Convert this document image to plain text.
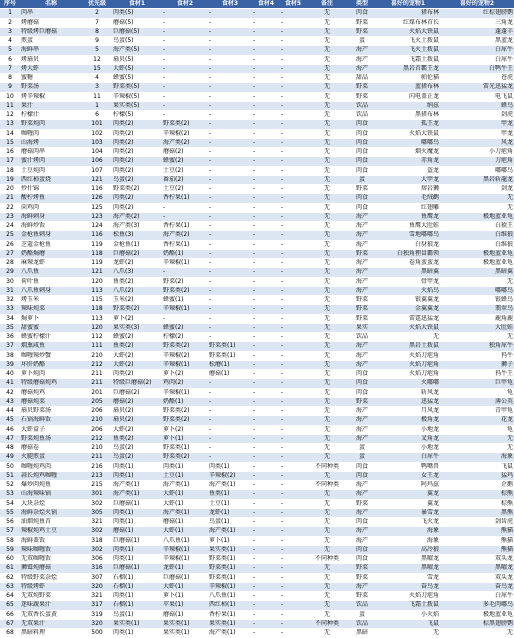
序号	名称	优先级	食材1	食材2	食材3	食材4	食材5	备注	类型	喜好的宠物1	喜好的宠物2
1	肉串	2	肉类(5)	-	-	-	-	无	肉食	猪布林	红棕翅膀鹦
2	烤蘑菇	7	蘑菇(5)	-	-	-	-	无	野菜	红煤布林首长	三角龙
3	特级烤巨蘑菇	8	巨蘑菇(5)	-	-	-	-	无	野菜	火焰大铁鼠	蓬蓬羊
4	煎蛋	9	鸟蛋(5)	-	-	-	-	无	蛋	飞火土拨鼠	黑蓝龙
5	海鲜串	5	海产类(5)	-	-	-	-	无	海产	飞火土拨鼠	白犀牛
6	烤扇贝	12	扇贝(5)	-	-	-	-	无	海产	飞霜土拨鼠	白犀牛
7	烤大虾	15	大虾(5)	-	-	-	-	无	海产	黑岩首霸王龙	白鸭牛王
8	蜜糖	4	蜂蜜(5)	-	-	-	-	无	甜品	帕伦猫	苍虎
9	野菜汤	3	野菜类(5)	-	-	-	-	无	野菜	蓝猪布林	雷光迅猛龙
10	烤辛辣椒	11	辛辣椒(5)	-	-	-	-	无	野菜	闪电盖正龙	电飞鼠
11	果汁	1	果实类(5)	-	-	-	-	无	饮品	纳兹	蜂鸟
12	柠檬汁	6	柠檬(5)	-	-	-	-	无	饮品	黑猪布林	剑虎
13	野菜炖肉	101	肉类(2)	野菜类(2)	-	-	-	无	肉食	孤王龙	甲龙
14	咖喱肉	102	肉类(2)	辛辣椒(2)	-	-	-	无	肉食	火焰大铁鼠	甲龙
15	山海烤	103	肉类(2)	海产类(2)	-	-	-	无	肉食	嘟嘟鸟	风龙
16	蘑菇肉串	104	肉类(2)	蘑菇(2)	-	-	-	无	肉食	烟火魔龙	小刀疤角
17	蜜汁烤肉	106	肉类(2)	蜂蜜(2)	-	-	-	无	肉食	赤角龙	刀疤角
18	土豆炖肉	107	肉类(2)	土豆(2)	-	-	-	无	肉食	盗龙	嘟嘟鸟
19	西红柿蛋烧	121	鸟蛋(2)	番茄(2)	-	-	-	无	蛋	大甲龙	黑岩斩龍龙
20	炒什锦	116	野菜类(2)	土豆(2)	-	-	-	无	野菜	熔岩狮	剑龙
21	酸柠烤鱼	126	肉类(2)	香柠果(1)	-	-	-	无	肉食	毛绒鹳	无
22	茴鸡肉	125	肉类(2)	-	-	-	-	无	肉食	红翅雕	无
23	海鲜刺身	123	海产类(2)	-	-	-	-	无	海产	鱼鹰龙	极地蓝亚龟
24	海鲜炒饭	124	海产类(3)	香柠果(1)	-	-	-	无	海产	鱼鹰大肚蛙	白猿王
25	金枪鱼刺身	116	松鱼(3)	海产类(2)	-	-	-	无	海产	雪地嘟嘟鸟	白维狼
26	芝蔻金枪鱼	119	金枪鱼(1)	香柠果(1)	-	-	-	无	海产	白豺狼龙	白维狼
27	奶酪焗蘑	118	巨蘑菇(2)	奶酪(1)	-	-	-	无	野菜	白独角狸冒霸领	极地蓝亚龟
28	麻辣龙虾	119	龙虾(2)	辛辣椒(1)	-	-	-	无	海产	卷角蛮蛮龙	极地蓝亚龟
29	八爪鱼	121	八爪(3)	-	-	-	-	无	海产	黑暗翼	黑暗翼
30	荷叶鱼	120	鱼类(2)	野菜(2)	-	-	-	无	海产	骨甲龙	无
31	八爪鱼刺身	113	八爪(2)	野菜类(2)	-	-	-	无	海产	火焰鸟	嘟嘟鸟
32	烤玉米	115	玉米(2)	蜂蜜(1)	-	-	-	无	野菜	银翼翼龙	银蜂鸟
33	辣味炖菜	118	野菜类(2)	辛辣椒(1)	-	-	-	无	野菜	金翼翼龙	翡翠鸟
34	焗萝卜	113	萝卜(2)	-	-	-	-	无	野菜	雷霆迅猛龙	鹿角鹿
35	甜蜜蜜	120	果实类(3)	蜂蜜(2)	-	-	-	无	果实	火焰大铁鼠	大肚蛙
36	蜂蜜柠檬汁	112	蜂蜜(2)	柠檬(2)	-	-	-	无	饮品	无	无
37	烟熏咸鱼	111	鱼类(2)	野菜类(2)	野菜类(1)	-	-	无	海产	黑岩土拨鼠	独角犀牛
38	咖喱辣炒蟹	210	大虾(2)	辛辣椒(2)	野菜类(1)	-	-	无	海产	火焰刀疤角	犸牛
39	坏肝奶酪	212	大虾(2)	辛辣椒(1)	松蘑(1)	-	-	无	海产	火焰刀疤角	狮子
40	萝卜炖肉	211	肉类(2)	萝卜(2)	蘑菇(1)	-	-	无	肉食	火焰刀疤角	犸牛王
41	特级蘑菇炖鸡	211	特级巨蘑菇(2)	鸡肉(2)	-	-	-	无	肉食	火嘟嘟	巨甲龟
42	蘑菇炖鸡	201	巨蘑菇(2)	辛辣椒(1)	-	-	-	无	肉食	斩风龙	龟
43	蘑菇炖菜	205	蘑菇(2)	奶酪(1)	-	-	-	无	野菜	迅猛龙	薄公英
44	扇贝野菜汤	206	扇贝(2)	野菜类(2)	-	-	-	无	海产	月风龙	青甲龟
45	石锅海鲜饭	210	扇贝(2)	野菜类(2)	-	-	-	无	海产	极角龙	花龙
46	大虾盒子	206	大虾(2)	萝卜(2)	-	-	-	无	海产	小地龙	龟
47	野菜炖鱼汤	212	鱼类(2)	萝卜(1)	-	-	-	无	海产	叉角龙	无
48	蘑菇卷	210	鸟蛋(2)	野菜类(1)	-	-	-	无	蛋	小地龙	无
49	火腿煎蛋	211	鸟蛋(2)	野菜类(2)	-	-	-	无	蛋	白犀牛	海象
50	咖喱炖鸡肉	216	肉类(1)	肉类(1)	肉类(1)	-	-	不同种类	肉食	鸭嘴兽	飞鼠
51	蒜长炖鸡咖喱	213	肉类(1)	土豆(1)	辛辣椒(2)	-	-	无	肉食	女王龙	猛玛
52	爆炒肉炖鱼	215	海产类(1)	海产类(1)	海产类(1)	-	-	不同种类	海产	阿玛兹	企鹅
53	山海辣味锅	301	海产类(1)	大虾(1)	鱼类(1)	-	-	无	海产	翼龙	棕熊
54	大块杂烩	302	巨蘑菇(1)	大虾(1)	土豆(1)	-	-	无	野菜	翼龙	棕熊
55	海鲜杂烩火锅	305	肉类(1)	海产类(1)	龙虾(1)	-	-	无	海产	暴雪龙	黑熊
56	油烟炖鱼首	321	肉类(1)	蘑菇(1)	鸟蛋(1)	-	-	无	肉食	飞火龙	剑齿虎
57	辣椒炖鸡土豆	302	蘑菇(1)	大虾(1)	海产类(1)	-	-	无	海产	海象	熊猫
58	海鲜盖饭	318	巨蘑菇(1)	八爪鱼(1)	萝卜(1)	-	-	无	海产	海象	熊猫
59	辣味咖喱饭	302	肉类(1)	辛辣椒(1)	果实类(1)	-	-	无	肉食	高冷狼	熊猫
60	无双咖喱饭	306	肉类(1)	辛辣椒(1)	野菜类(1)	-	-	不同种类	肉食	黑曜龙	双头龙
61	狮鹫炖蘑菇	316	巨蘑菇(1)	龙虾(1)	野菜类(1)	-	-	无	野菜	黑曜龙	黑曜龙
62	特级野菜杂烩	307	石榴(1)	巨蘑菇(1)	野菜类(1)	-	-	无	野菜	雪龙	双头龙
63	特级烤虾	320	石榴(1)	大虾(1)	辛辣椒(1)	-	-	无	海产	奋鸟龙	奋鸟龙
64	无双炖野菜	321	肉类(1)	萝卜(1)	八爪鱼(1)	-	-	无	野菜	火焰刀疤角	白犀牛
65	迷味蔬果汁	317	石榴(1)	苹果(1)	西红柿(1)	-	-	无	饮品	飞霜土拨鼠	多毛肉嘟鸟
66	无双香长蛋黄	319	鸟蛋(1)	蘑菇(1)	香柠果(1)	-	-	无	蛋	小火焰	极地蓝亚龟
67	无双果汁	320	果实类(1)	果实类(1)	果实类(1)	-	-	不同种类	饮品	飞鼠	棕黑翅膀鹦
68	黑暗料理	500	肉类(1)	果实类(1)	海产类(1)	-	-	无	黑暗	无	无
